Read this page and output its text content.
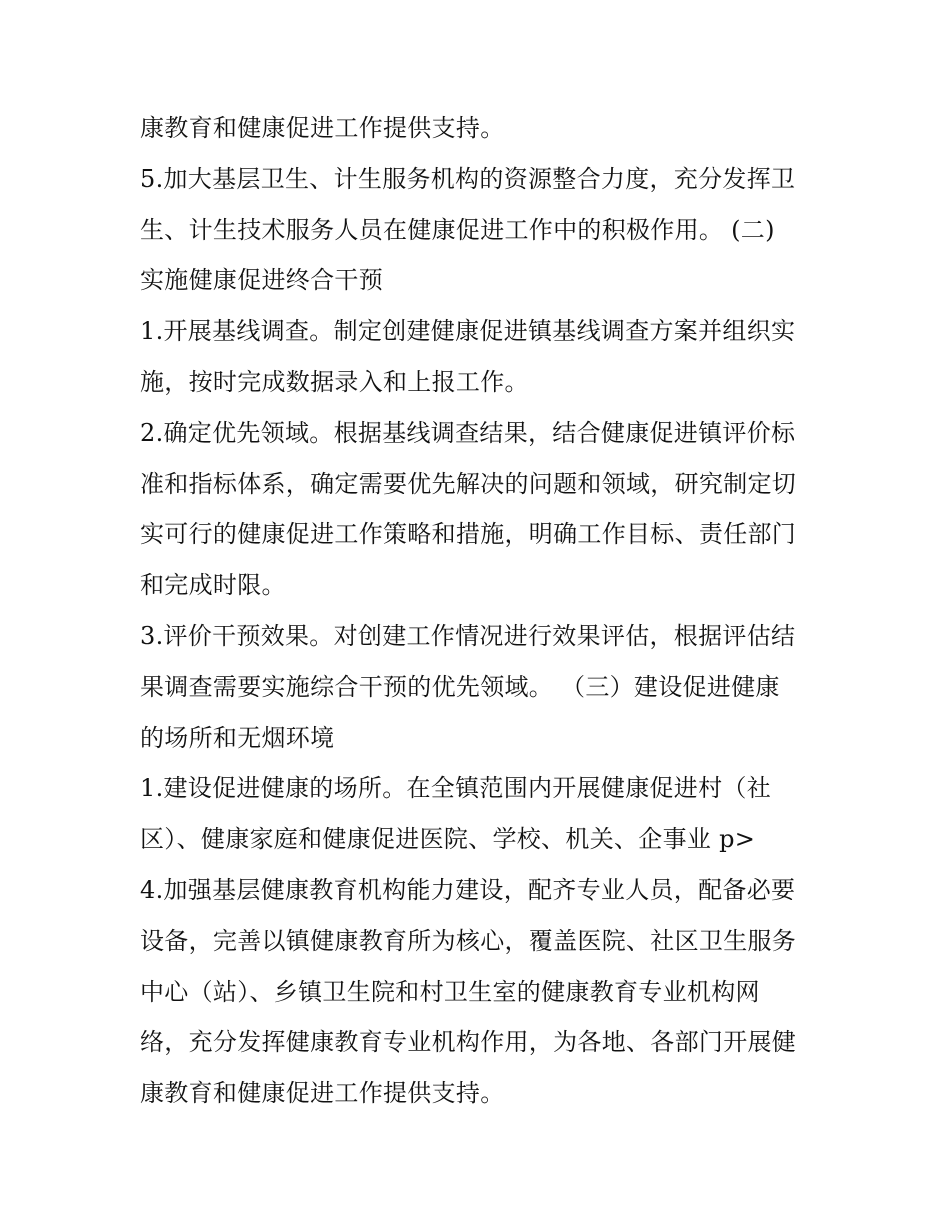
康教育和健康促进工作提供支持。

5.加大基层卫生、计生服务机构的资源整合力度，充分发挥卫

生、计生技术服务人员在健康促进工作中的积极作用。 (二)

实施健康促进终合干预

1.开展基线调查。制定创建健康促进镇基线调查方案并组织实

施，按时完成数据录入和上报工作。

2.确定优先领域。根据基线调查结果，结合健康促进镇评价标

准和指标体系，确定需要优先解决的问题和领域，研究制定切

实可行的健康促进工作策略和措施，明确工作目标、责任部门

和完成时限。

3.评价干预效果。对创建工作情况进行效果评估，根据评估结

果调查需要实施综合干预的优先领域。 （三）建设促进健康

的场所和无烟环境

1.建设促进健康的场所。在全镇范围内开展健康促进村（社

区）、健康家庭和健康促进医院、学校、机关、企事业 p>

4.加强基层健康教育机构能力建设，配齐专业人员，配备必要

设备，完善以镇健康教育所为核心，覆盖医院、社区卫生服务

中心（站）、乡镇卫生院和村卫生室的健康教育专业机构网

络，充分发挥健康教育专业机构作用，为各地、各部门开展健

康教育和健康促进工作提供支持。
